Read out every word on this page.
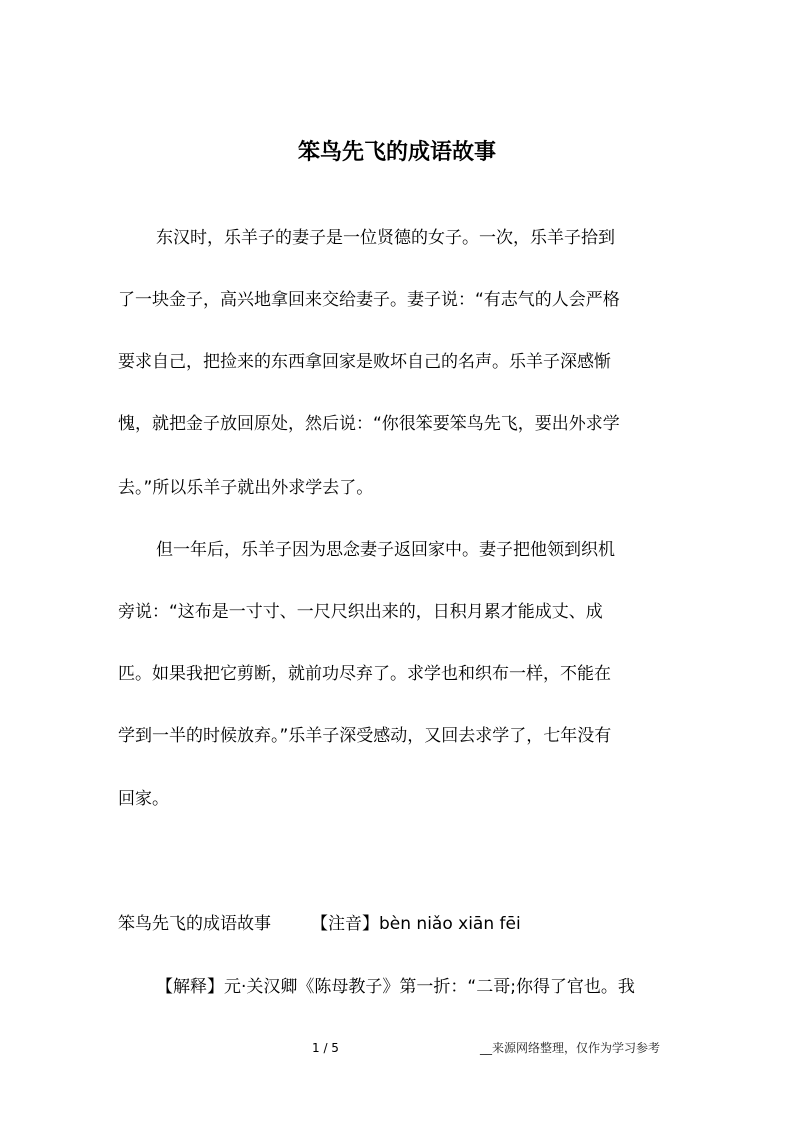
笨鸟先飞的成语故事

东汉时，乐羊子的妻子是一位贤德的女子。一次，乐羊子拾到

了一块金子，高兴地拿回来交给妻子。妻子说：“有志气的人会严格

要求自己，把捡来的东西拿回家是败坏自己的名声。乐羊子深感惭

愧，就把金子放回原处，然后说：“你很笨要笨鸟先飞，要出外求学

去。”所以乐羊子就出外求学去了。

但一年后，乐羊子因为思念妻子返回家中。妻子把他领到织机

旁说：“这布是一寸寸、一尺尺织出来的，日积月累才能成丈、成

匹。如果我把它剪断，就前功尽弃了。求学也和织布一样，不能在

学到一半的时候放弃。”乐羊子深受感动，又回去求学了，七年没有

回家。

笨鸟先飞的成语故事 【注音】bèn niǎo xiān fēi

【解释】元·关汉卿《陈母教子》第一折：“二哥;你得了官也。我

1 / 5	__来源网络整理，仅作为学习参考
